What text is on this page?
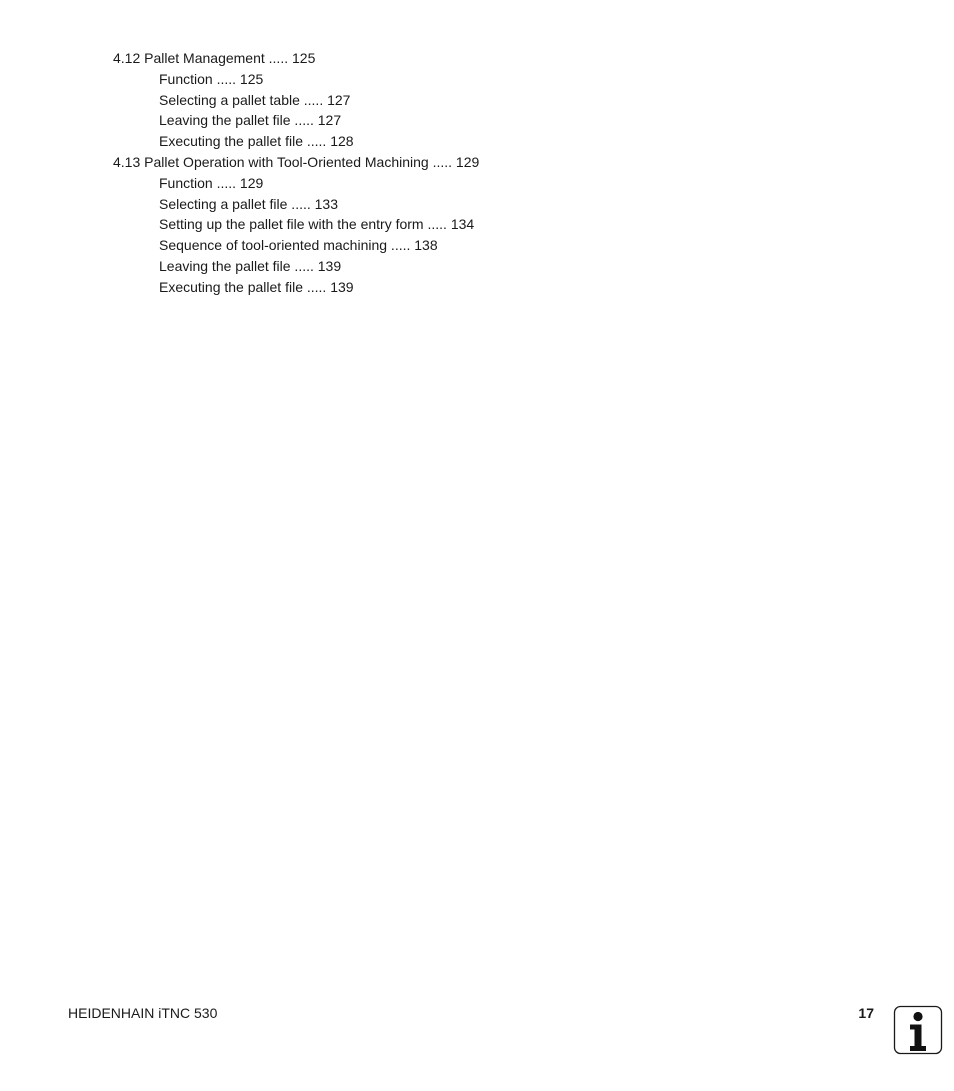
4.12 Pallet Management ..... 125
Function ..... 125
Selecting a pallet table ..... 127
Leaving the pallet file ..... 127
Executing the pallet file ..... 128
4.13 Pallet Operation with Tool-Oriented Machining ..... 129
Function ..... 129
Selecting a pallet file ..... 133
Setting up the pallet file with the entry form ..... 134
Sequence of tool-oriented machining ..... 138
Leaving the pallet file ..... 139
Executing the pallet file ..... 139
HEIDENHAIN iTNC 530	17
